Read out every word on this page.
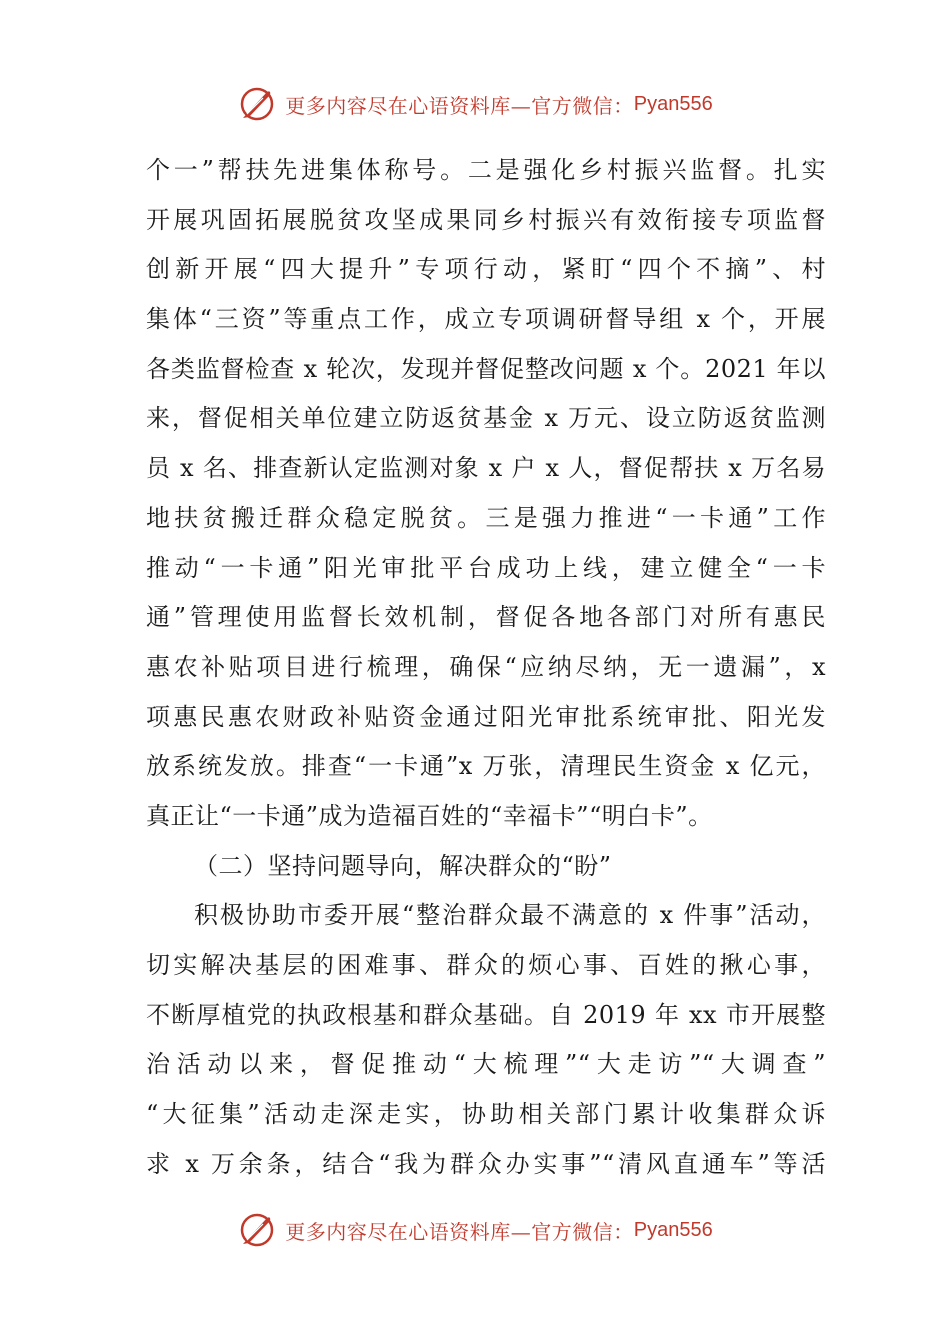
更多内容尽在心语资料库—官方微信： Pyan556
个一”帮扶先进集体称号。二是强化乡村振兴监督。扎实
开展巩固拓展脱贫攻坚成果同乡村振兴有效衔接专项监督
创新开展“四大提升”专项行动，紧盯“四个不摘”、村
集体“三资”等重点工作，成立专项调研督导组 x 个，开展
各类监督检查 x 轮次，发现并督促整改问题 x 个。2021 年以
来，督促相关单位建立防返贫基金 x 万元、设立防返贫监测
员 x 名、排查新认定监测对象 x 户 x 人，督促帮扶 x 万名易
地扶贫搬迁群众稳定脱贫。三是强力推进“一卡通”工作
推动“一卡通”阳光审批平台成功上线，建立健全“一卡
通”管理使用监督长效机制，督促各地各部门对所有惠民
惠农补贴项目进行梳理，确保“应纳尽纳，无一遗漏”，x
项惠民惠农财政补贴资金通过阳光审批系统审批、阳光发
放系统发放。排查“一卡通”x 万张，清理民生资金 x 亿元，
真正让“一卡通”成为造福百姓的“幸福卡”“明白卡”。
（二）坚持问题导向，解决群众的“盼”
积极协助市委开展“整治群众最不满意的 x 件事”活动，
切实解决基层的困难事、群众的烦心事、百姓的揪心事，
不断厚植党的执政根基和群众基础。自 2019 年 xx 市开展整
治活动以来，督促推动“大梳理”“大走访”“大调查”
“大征集”活动走深走实，协助相关部门累计收集群众诉
求 x 万余条，结合“我为群众办实事”“清风直通车”等活
更多内容尽在心语资料库—官方微信： Pyan556
